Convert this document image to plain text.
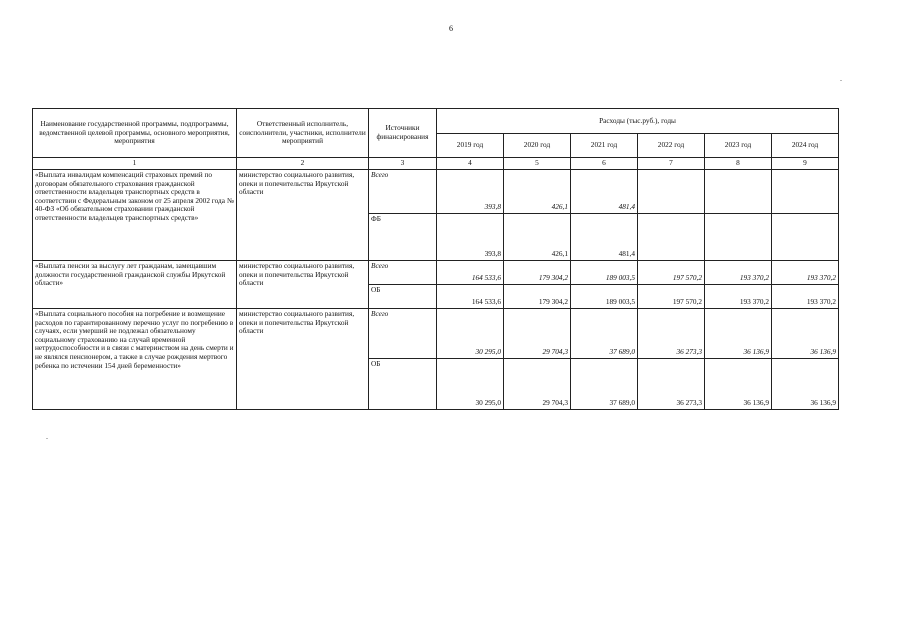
6
Наименование государственной программы, подпрограммы, ведомственной целевой программы, основного мероприятия, мероприятия	Ответственный исполнитель, соисполнители, участники, исполнители мероприятий	Источники финансирования	Расходы (тыс.руб.), годы					
			2019 год	2020 год	2021 год	2022 год	2023 год	2024 год
1	2	3	4	5	6	7	8	9
«Выплата инвалидам компенсаций страховых премий по договорам обязательного страхования гражданской ответственности владельцев транспортных средств в соответствии с Федеральным законом от 25 апреля 2002 года № 40-ФЗ «Об обязательном страховании гражданской ответственности владельцев транспортных средств»	министерство социального развития, опеки и попечительства Иркутской области	Всего	393,8	426,1	481,4			
		ФБ	393,8	426,1	481,4			
«Выплата пенсии за выслугу лет гражданам, замещавшим должности государственной гражданской службы Иркутской области»	министерство социального развития, опеки и попечительства Иркутской области	Всего	164 533,6	179 304,2	189 003,5	197 570,2	193 370,2	193 370,2
		ОБ	164 533,6	179 304,2	189 003,5	197 570,2	193 370,2	193 370,2
«Выплата социального пособия на погребение и возмещение расходов по гарантированному перечню услуг по погребению в случаях, если умерший не подлежал обязательному социальному страхованию на случай временной нетрудоспособности и в связи с материнством на день смерти и не являлся пенсионером, а также в случае рождения мертвого ребенка по истечении 154 дней беременности»	министерство социального развития, опеки и попечительства Иркутской области	Всего	30 295,0	29 704,3	37 689,0	36 273,3	36 136,9	36 136,9
		ОБ	30 295,0	29 704,3	37 689,0	36 273,3	36 136,9	36 136,9
